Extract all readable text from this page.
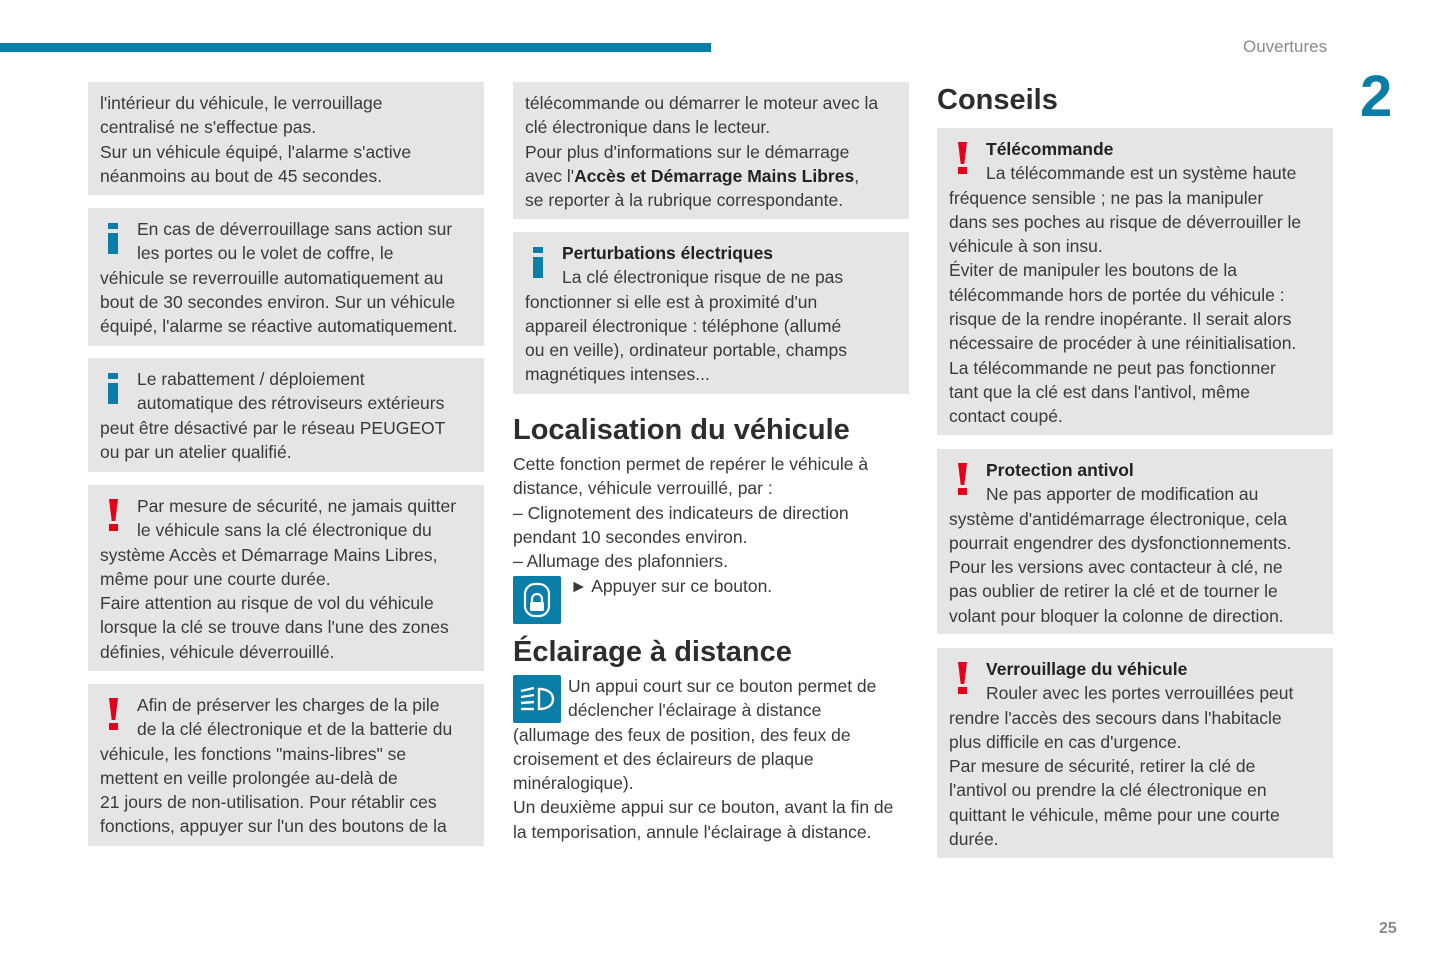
Ouvertures
2
25

l'intérieur du véhicule, le verrouillage

centralisé ne s'effectue pas.

Sur un véhicule équipé, l'alarme s'active

néanmoins au bout de 45 secondes.

En cas de déverrouillage sans action sur

les portes ou le volet de coffre, le

véhicule se reverrouille automatiquement au

bout de 30 secondes environ. Sur un véhicule

équipé, l'alarme se réactive automatiquement.

Le rabattement / déploiement

automatique des rétroviseurs extérieurs

peut être désactivé par le réseau PEUGEOT

ou par un atelier qualifié.

Par mesure de sécurité, ne jamais quitter

le véhicule sans la clé électronique du

système Accès et Démarrage Mains Libres,

même pour une courte durée.

Faire attention au risque de vol du véhicule

lorsque la clé se trouve dans l'une des zones

définies, véhicule déverrouillé.

Afin de préserver les charges de la pile

de la clé électronique et de la batterie du

véhicule, les fonctions "mains-libres" se

mettent en veille prolongée au-delà de

21 jours de non-utilisation. Pour rétablir ces

fonctions, appuyer sur l'un des boutons de la

télécommande ou démarrer le moteur avec la

clé électronique dans le lecteur.

Pour plus d'informations sur le démarrage

avec l'Accès et Démarrage Mains Libres,

se reporter à la rubrique correspondante.

Perturbations électriques

La clé électronique risque de ne pas

fonctionner si elle est à proximité d'un

appareil électronique : téléphone (allumé

ou en veille), ordinateur portable, champs

magnétiques intenses...

Localisation du véhicule

Cette fonction permet de repérer le véhicule à

distance, véhicule verrouillé, par :

– Clignotement des indicateurs de direction

pendant 10 secondes environ.

– Allumage des plafonniers.

► Appuyer sur ce bouton.
Éclairage à distance

Un appui court sur ce bouton permet de

déclencher l'éclairage à distance

(allumage des feux de position, des feux de

croisement et des éclaireurs de plaque

minéralogique).

Un deuxième appui sur ce bouton, avant la fin de

la temporisation, annule l'éclairage à distance.

Conseils

Télécommande

La télécommande est un système haute

fréquence sensible ; ne pas la manipuler

dans ses poches au risque de déverrouiller le

véhicule à son insu.

Éviter de manipuler les boutons de la

télécommande hors de portée du véhicule :

risque de la rendre inopérante. Il serait alors

nécessaire de procéder à une réinitialisation.

La télécommande ne peut pas fonctionner

tant que la clé est dans l'antivol, même

contact coupé.

Protection antivol

Ne pas apporter de modification au

système d'antidémarrage électronique, cela

pourrait engendrer des dysfonctionnements.

Pour les versions avec contacteur à clé, ne

pas oublier de retirer la clé et de tourner le

volant pour bloquer la colonne de direction.

Verrouillage du véhicule

Rouler avec les portes verrouillées peut

rendre l'accès des secours dans l'habitacle

plus difficile en cas d'urgence.

Par mesure de sécurité, retirer la clé de

l'antivol ou prendre la clé électronique en

quittant le véhicule, même pour une courte

durée.
